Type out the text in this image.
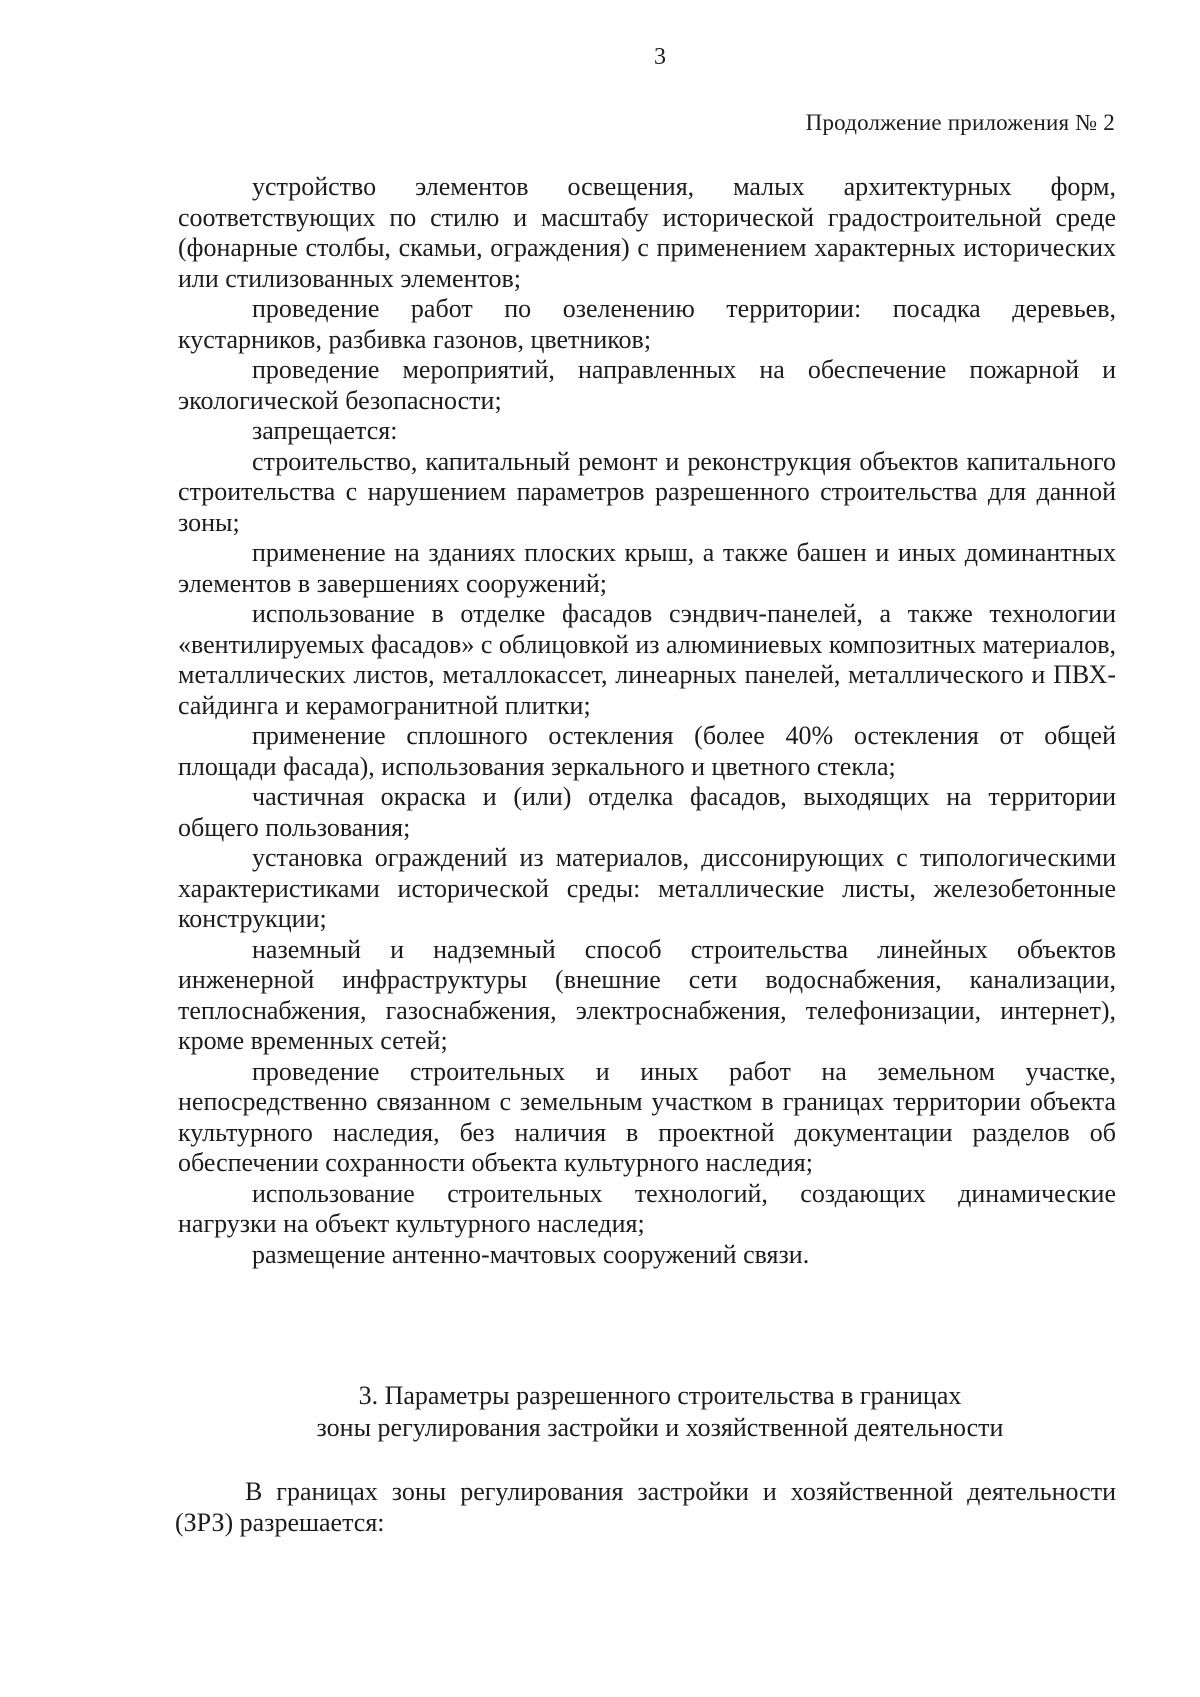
3
Продолжение приложения № 2

устройство элементов освещения, малых архитектурных форм, соответствующих по стилю и масштабу исторической градостроительной среде (фонарные столбы, скамьи, ограждения) с применением характерных исторических или стилизованных элементов;

проведение работ по озеленению территории: посадка деревьев, кустарников, разбивка газонов, цветников;

проведение мероприятий, направленных на обеспечение пожарной и экологической безопасности;

запрещается:

строительство, капитальный ремонт и реконструкция объектов капитального строительства с нарушением параметров разрешенного строительства для данной зоны;

применение на зданиях плоских крыш, а также башен и иных доминантных элементов в завершениях сооружений;

использование в отделке фасадов сэндвич-панелей, а также технологии «вентилируемых фасадов» с облицовкой из алюминиевых композитных материалов, металлических листов, металлокассет, линеарных панелей, металлического и ПВХ-сайдинга и керамогранитной плитки;

применение сплошного остекления (более 40% остекления от общей площади фасада), использования зеркального и цветного стекла;

частичная окраска и (или) отделка фасадов, выходящих на территории общего пользования;

установка ограждений из материалов, диссонирующих с типологическими характеристиками исторической среды: металлические листы, железобетонные конструкции;

наземный и надземный способ строительства линейных объектов инженерной инфраструктуры (внешние сети водоснабжения, канализации, теплоснабжения, газоснабжения, электроснабжения, телефонизации, интернет), кроме временных сетей;

проведение строительных и иных работ на земельном участке, непосредственно связанном с земельным участком в границах территории объекта культурного наследия, без наличия в проектной документации разделов об обеспечении сохранности объекта культурного наследия;

использование строительных технологий, создающих динамические нагрузки на объект культурного наследия;

размещение антенно-мачтовых сооружений связи.

3. Параметры разрешенного строительства в границах
зоны регулирования застройки и хозяйственной деятельности

В границах зоны регулирования застройки и хозяйственной деятельности (ЗРЗ) разрешается:
